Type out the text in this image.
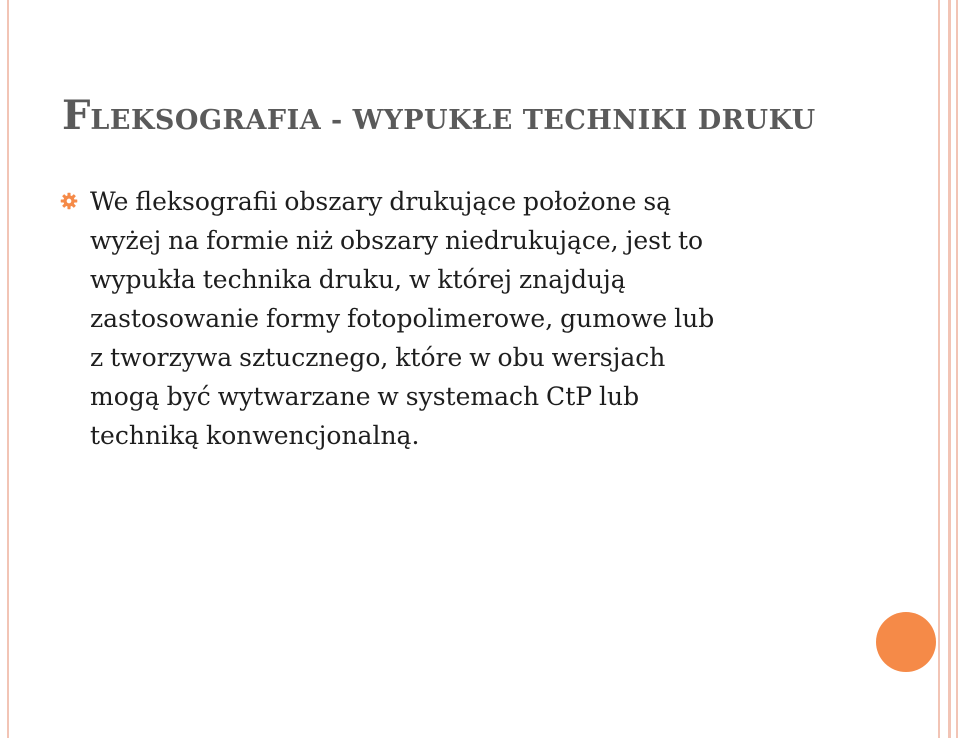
FLEKSOGRAFIA - WYPUKŁE TECHNIKI DRUKU
We fleksografii obszary drukujące położone są
wyżej na formie niż obszary niedrukujące, jest to
wypukła technika druku, w której znajdują
zastosowanie formy fotopolimerowe, gumowe lub
z tworzywa sztucznego, które w obu wersjach
mogą być wytwarzane w systemach CtP lub
techniką konwencjonalną.
